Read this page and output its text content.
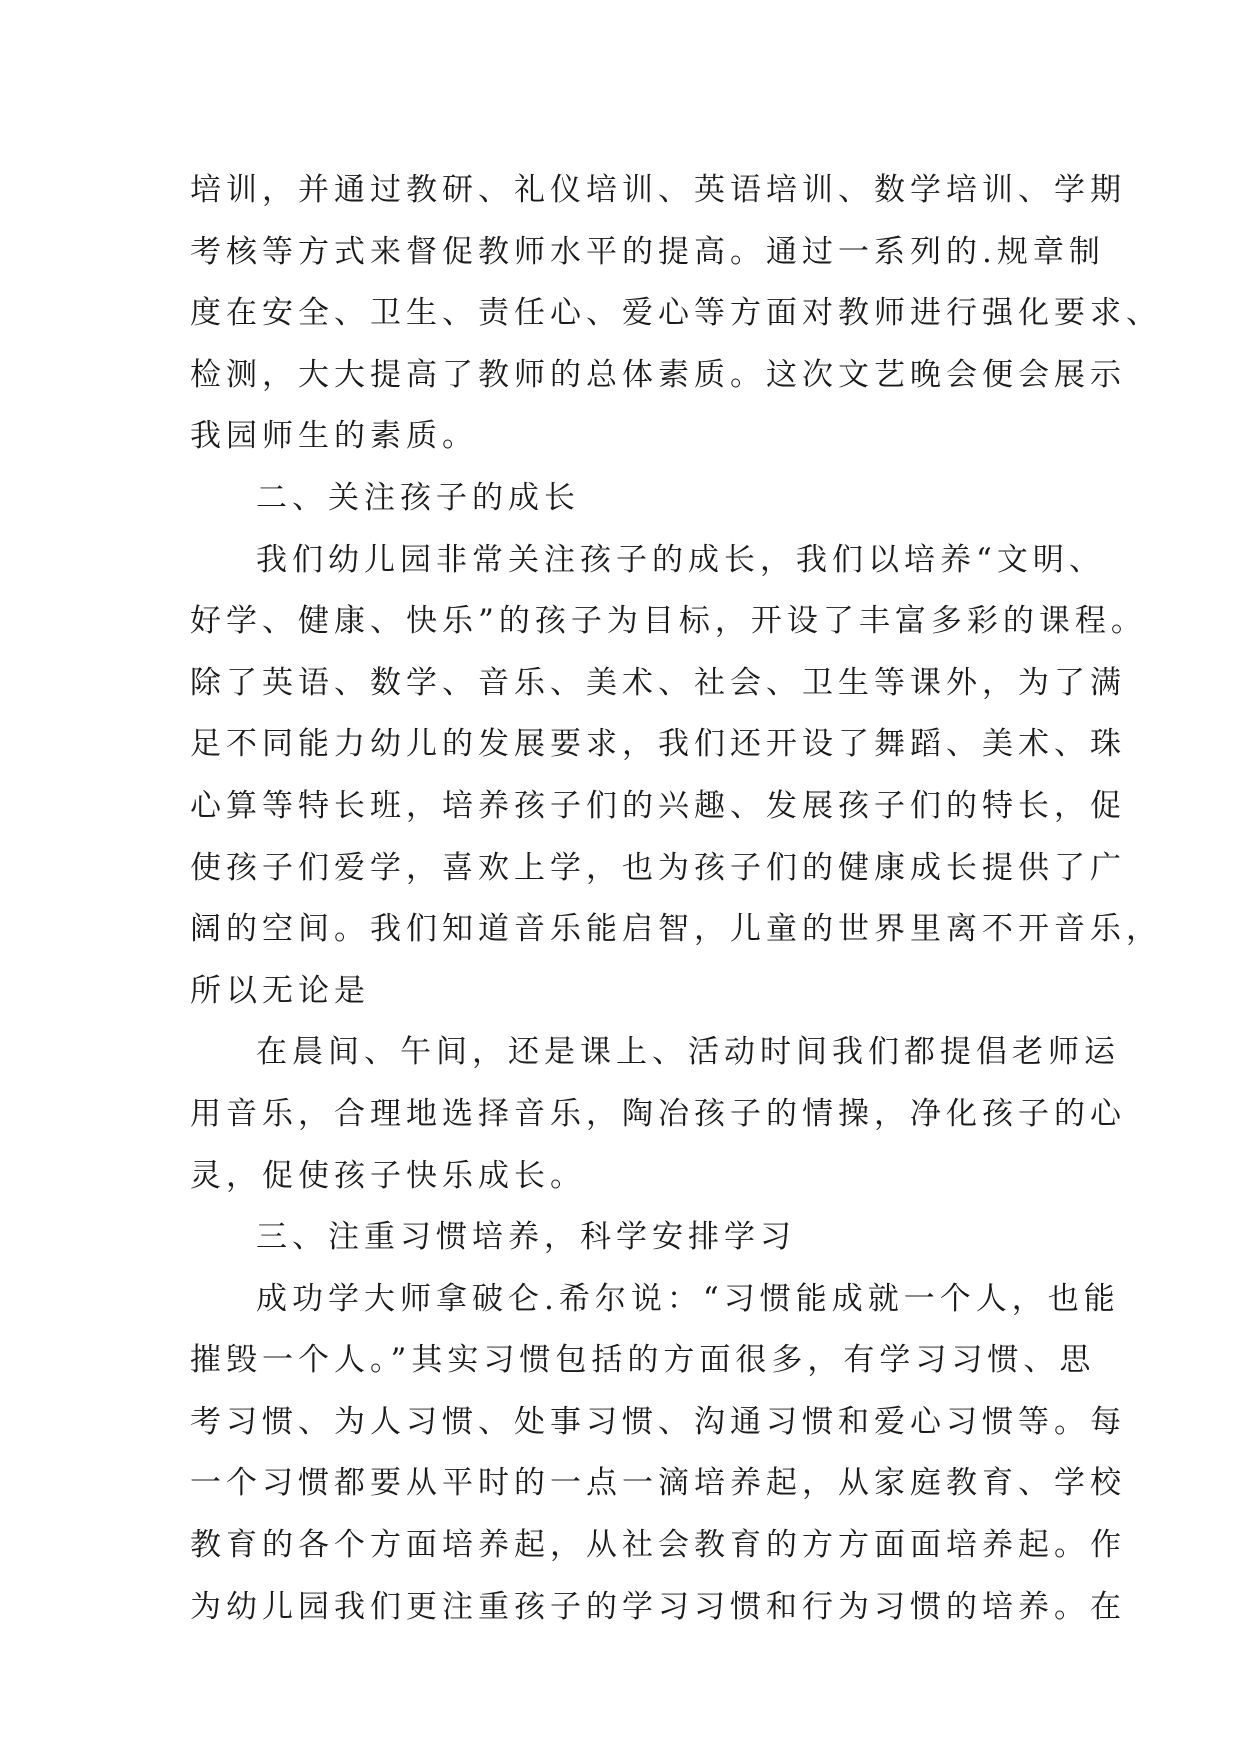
培训，并通过教研、礼仪培训、英语培训、数学培训、学期
考核等方式来督促教师水平的提高。通过一系列的.规章制
度在安全、卫生、责任心、爱心等方面对教师进行强化要求、
检测，大大提高了教师的总体素质。这次文艺晚会便会展示
我园师生的素质。
二、关注孩子的成长
我们幼儿园非常关注孩子的成长，我们以培养“文明、
好学、健康、快乐”的孩子为目标，开设了丰富多彩的课程。
除了英语、数学、音乐、美术、社会、卫生等课外，为了满
足不同能力幼儿的发展要求，我们还开设了舞蹈、美术、珠
心算等特长班，培养孩子们的兴趣、发展孩子们的特长，促
使孩子们爱学，喜欢上学，也为孩子们的健康成长提供了广
阔的空间。我们知道音乐能启智，儿童的世界里离不开音乐，
所以无论是
在晨间、午间，还是课上、活动时间我们都提倡老师运
用音乐，合理地选择音乐，陶冶孩子的情操，净化孩子的心
灵，促使孩子快乐成长。
三、注重习惯培养，科学安排学习
成功学大师拿破仑.希尔说：“习惯能成就一个人，也能
摧毁一个人。”其实习惯包括的方面很多，有学习习惯、思
考习惯、为人习惯、处事习惯、沟通习惯和爱心习惯等。每
一个习惯都要从平时的一点一滴培养起，从家庭教育、学校
教育的各个方面培养起，从社会教育的方方面面培养起。作
为幼儿园我们更注重孩子的学习习惯和行为习惯的培养。在
